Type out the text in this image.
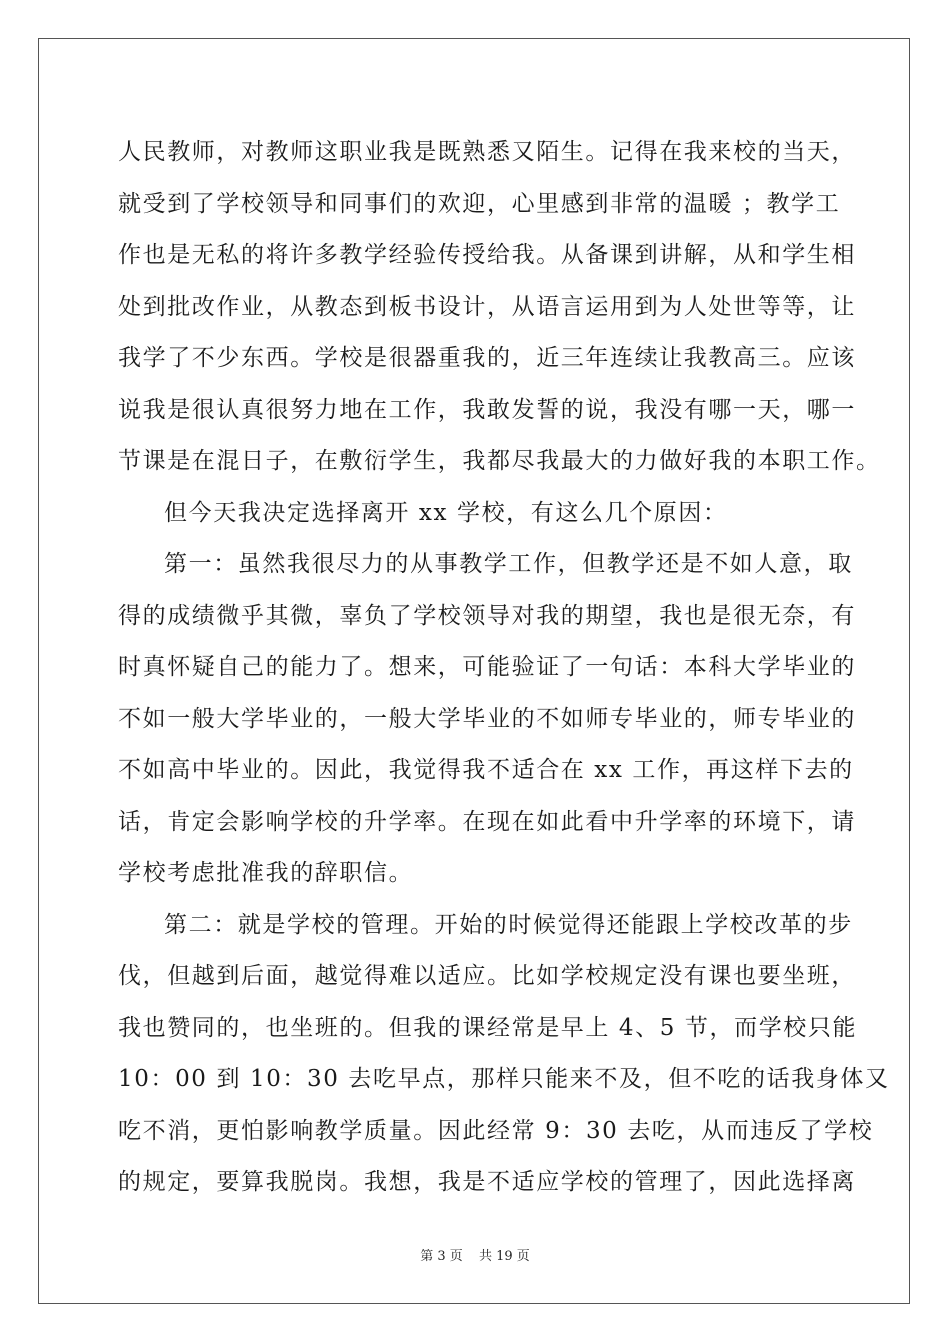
人民教师，对教师这职业我是既熟悉又陌生。记得在我来校的当天，
就受到了学校领导和同事们的欢迎，心里感到非常的温暖 ；教学工
作也是无私的将许多教学经验传授给我。从备课到讲解，从和学生相
处到批改作业，从教态到板书设计，从语言运用到为人处世等等，让
我学了不少东西。学校是很器重我的，近三年连续让我教高三。应该
说我是很认真很努力地在工作，我敢发誓的说，我没有哪一天，哪一
节课是在混日子，在敷衍学生，我都尽我最大的力做好我的本职工作。
但今天我决定选择离开 xx 学校，有这么几个原因：
第一：虽然我很尽力的从事教学工作，但教学还是不如人意，取
得的成绩微乎其微，辜负了学校领导对我的期望，我也是很无奈，有
时真怀疑自己的能力了。想来，可能验证了一句话：本科大学毕业的
不如一般大学毕业的，一般大学毕业的不如师专毕业的，师专毕业的
不如高中毕业的。因此，我觉得我不适合在 xx 工作，再这样下去的
话，肯定会影响学校的升学率。在现在如此看中升学率的环境下，请
学校考虑批准我的辞职信。
第二：就是学校的管理。开始的时候觉得还能跟上学校改革的步
伐，但越到后面，越觉得难以适应。比如学校规定没有课也要坐班，
我也赞同的，也坐班的。但我的课经常是早上 4、5 节，而学校只能
10：00 到 10：30 去吃早点，那样只能来不及，但不吃的话我身体又
吃不消，更怕影响教学质量。因此经常 9：30 去吃，从而违反了学校
的规定，要算我脱岗。我想，我是不适应学校的管理了，因此选择离
第 3 页 共 19 页
